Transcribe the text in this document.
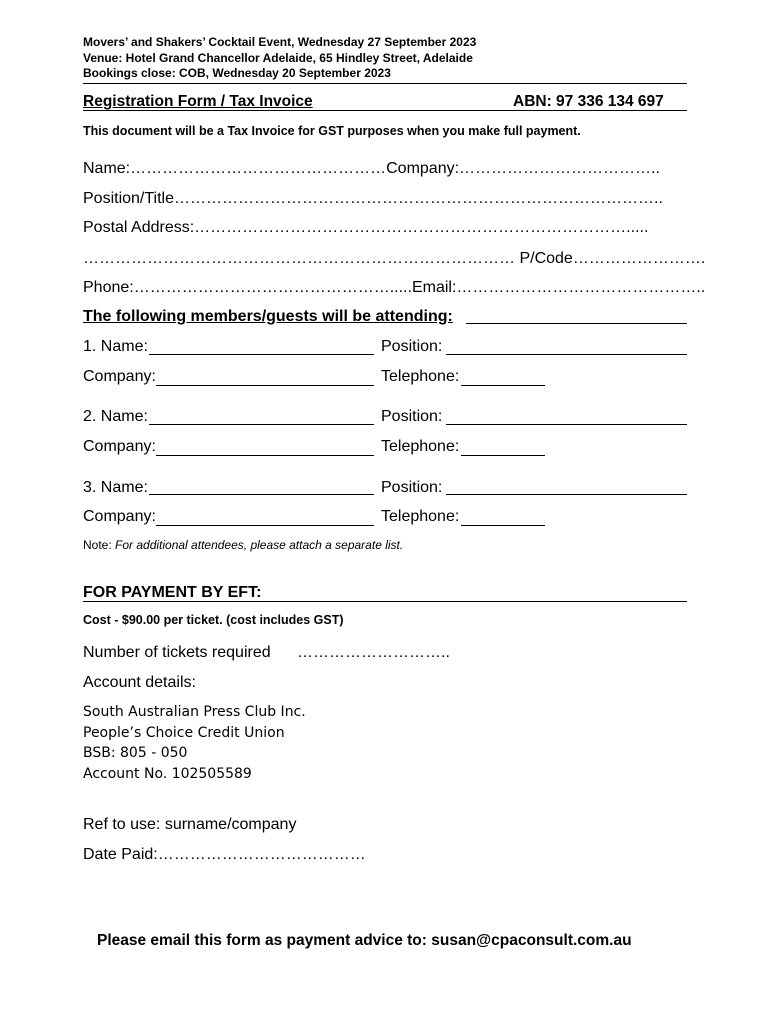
Movers’ and Shakers’ Cocktail Event, Wednesday 27 September 2023
Venue: Hotel Grand Chancellor Adelaide, 65 Hindley Street, Adelaide
Bookings close: COB, Wednesday 20 September 2023
Registration Form / Tax Invoice	ABN: 97 336 134 697
This document will be a Tax Invoice for GST purposes when you make full payment.
Name:…………………………………………Company:………………………………..
Position/Title………………………………………………………………………………..
Postal Address:……………………………………………………………………….....
……………………………………………………………………… P/Code…………………….
Phone:………………………………………….....Email:………………………………………..
The following members/guests will be attending:
1. Name:	Position:
Company:	Telephone:
2. Name:	Position:
Company:	Telephone:
3. Name:	Position:
Company:	Telephone:
Note: For additional attendees, please attach a separate list.
FOR PAYMENT BY EFT:
Cost - $90.00 per ticket. (cost includes GST)
Number of tickets required ………………………..
Account details:
South Australian Press Club Inc.
People’s Choice Credit Union
BSB: 805 - 050
Account No. 102505589
Ref to use: surname/company
Date Paid:…………………………………
Please email this form as payment advice to: susan@cpaconsult.com.au
